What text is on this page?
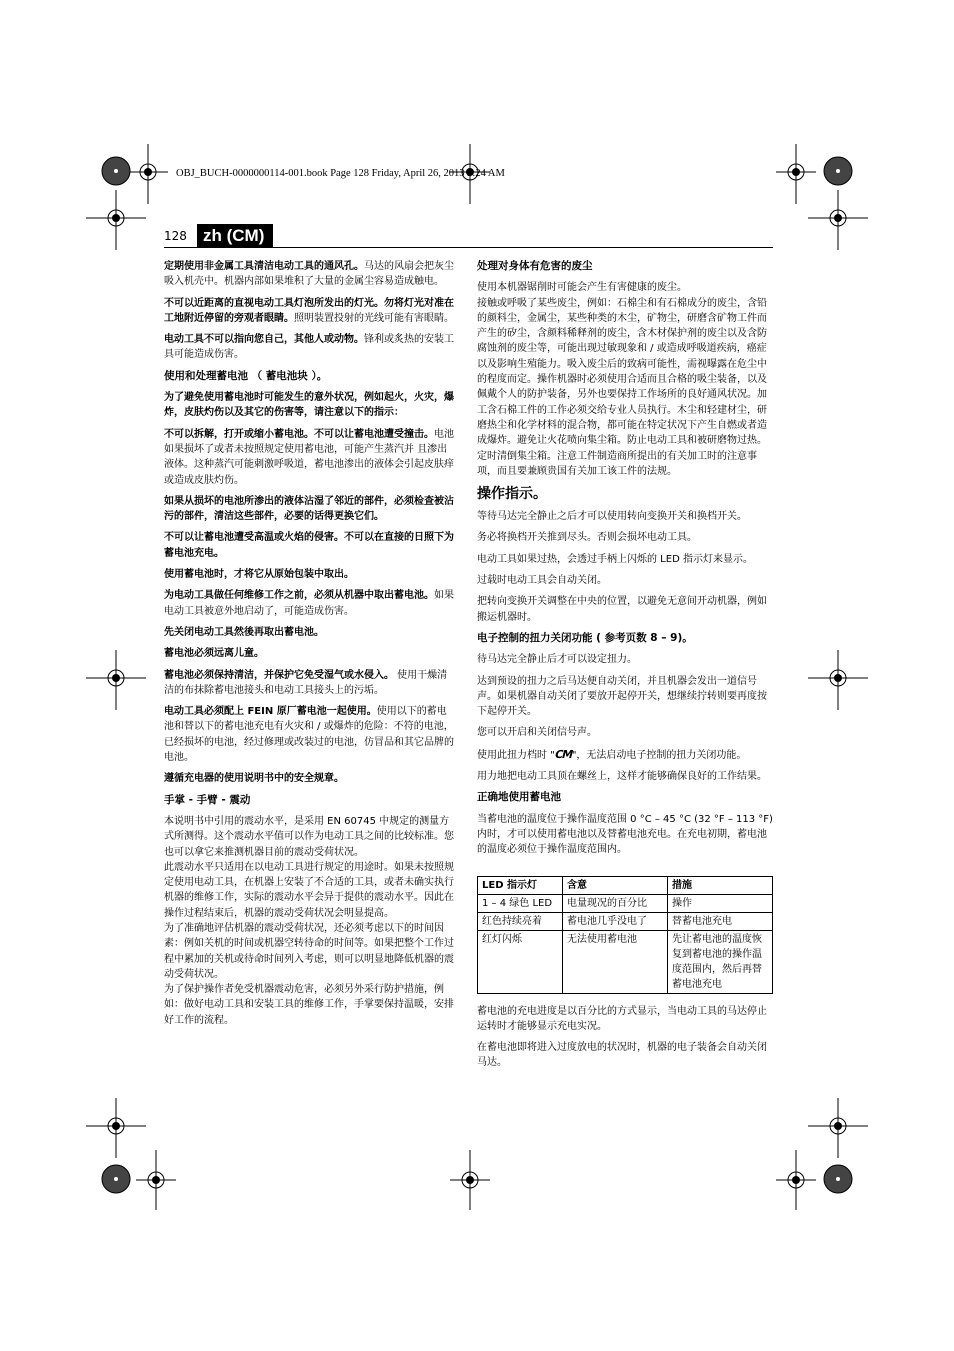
OBJ_BUCH-0000000114-001.book Page 128 Friday, April 26, 2013 9:24 AM
128 zh (CM)

定期使用非金属工具清洁电动工具的通风孔。马达的风扇会把灰尘吸入机壳中。机器内部如果堆积了大量的金属尘容易造成触电。

不可以近距离的直视电动工具灯泡所发出的灯光。勿将灯光对准在工地附近停留的旁观者眼睛。照明装置投射的光线可能有害眼睛。

电动工具不可以指向您自己，其他人或动物。锋利或炙热的安装工具可能造成伤害。

使用和处理蓄电池 （ 蓄电池块 ）。

为了避免使用蓄电池时可能发生的意外状况，例如起火，火灾，爆炸，皮肤灼伤以及其它的伤害等，请注意以下的指示：

不可以拆解，打开或缩小蓄电池。不可以让蓄电池遭受撞击。电池如果损坏了或者未按照规定使用蓄电池，可能产生蒸汽并 且渗出液体。这种蒸汽可能刺激呼吸道，蓄电池渗出的液体会引起皮肤痒或造成皮肤灼伤。

如果从损坏的电池所渗出的液体沾湿了邻近的部件，必须检查被沾污的部件，清洁这些部件，必要的话得更换它们。

不可以让蓄电池遭受高温或火焰的侵害。不可以在直接的日照下为蓄电池充电。

使用蓄电池时，才将它从原始包装中取出。

为电动工具做任何维修工作之前，必须从机器中取出蓄电池。如果电动工具被意外地启动了，可能造成伤害。

先关闭电动工具然後再取出蓄电池。

蓄电池必须远离儿童。

蓄电池必须保持清洁，并保护它免受湿气或水侵入。 使用干燥清洁的布抹除蓄电池接头和电动工具接头上的污垢。

电动工具必须配上 FEIN 原厂蓄电池一起使用。使用以下的蓄电池和替以下的蓄电池充电有火灾和 / 或爆炸的危险：不符的电池，已经损坏的电池，经过修理或改装过的电池，仿冒品和其它品牌的电池。

遵循充电器的使用说明书中的安全规章。

手掌 - 手臂 - 震动

本说明书中引用的震动水平，是采用 EN 60745 中规定的测量方式所测得。这个震动水平值可以作为电动工具之间的比较标准。您也可以拿它来推测机器目前的震动受荷状况。

此震动水平只适用在以电动工具进行规定的用途时。如果未按照规定使用电动工具，在机器上安装了不合适的工具，或者未确实执行机器的维修工作，实际的震动水平会异于提供的震动水平。因此在操作过程结束后，机器的震动受荷状况会明显提高。

为了准确地评估机器的震动受荷状况，还必须考虑以下的时间因素：例如关机的时间或机器空转待命的时间等。如果把整个工作过程中累加的关机或待命时间列入考虑，则可以明显地降低机器的震动受荷状况。

为了保护操作者免受机器震动危害，必须另外采行防护措施，例如：做好电动工具和安装工具的维修工作，手掌要保持温暖，安排好工作的流程。

处理对身体有危害的废尘

使用本机器锯削时可能会产生有害健康的废尘。

接触或呼吸了某些废尘，例如：石棉尘和有石棉成分的废尘，含铅的颜料尘，金属尘，某些种类的木尘，矿物尘，研磨含矿物工件而产生的矽尘，含颜料稀释剂的废尘，含木材保护剂的废尘以及含防腐蚀剂的废尘等，可能出现过敏现象和 / 或造成呼吸道疾病，癌症以及影响生殖能力。吸入废尘后的致病可能性，需视曝露在危尘中的程度而定。操作机器时必须使用合适而且合格的吸尘装备，以及佩戴个人的防护装备，另外也要保持工作场所的良好通风状况。加工含石棉工件的工作必须交给专业人员执行。木尘和轻建材尘，研磨热尘和化学材料的混合物，都可能在特定状况下产生自燃或者造成爆炸。避免让火花喷向集尘箱。防止电动工具和被研磨物过热。定时清倒集尘箱。注意工件制造商所提出的有关加工时的注意事项，而且要兼顾贵国有关加工该工件的法规。

操作指示。

等待马达完全静止之后才可以使用转向变换开关和换档开关。

务必将换档开关推到尽头。否则会损坏电动工具。

电动工具如果过热，会透过手柄上闪烁的 LED 指示灯来显示。

过载时电动工具会自动关闭。

把转向变换开关调整在中央的位置，以避免无意间开动机器，例如搬运机器时。

电子控制的扭力关闭功能 ( 参考页数 8 – 9)。

待马达完全静止后才可以设定扭力。

达到预设的扭力之后马达便自动关闭，并且机器会发出一道信号声。如果机器自动关闭了要放开起停开关，想继续拧转则要再度按下起停开关。

您可以开启和关闭信号声。

使用此扭力档时 "CM"，无法启动电子控制的扭力关闭功能。

用力地把电动工具顶在螺丝上，这样才能够确保良好的工作结果。

正确地使用蓄电池

当蓄电池的温度位于操作温度范围 0 °C – 45 °C (32 °F – 113 °F) 内时，才可以使用蓄电池以及替蓄电池充电。在充电初期，蓄电池的温度必须位于操作温度范围内。

LED 指示灯	含意	措施
1 – 4 绿色 LED	电量现况的百分比	操作
红色持续亮着	蓄电池几乎没电了	替蓄电池充电
红灯闪烁	无法使用蓄电池	先让蓄电池的温度恢复到蓄电池的操作温度范围内，然后再替蓄电池充电

蓄电池的充电进度是以百分比的方式显示，当电动工具的马达停止运转时才能够显示充电实况。

在蓄电池即将进入过度放电的状况时，机器的电子装备会自动关闭马达。
